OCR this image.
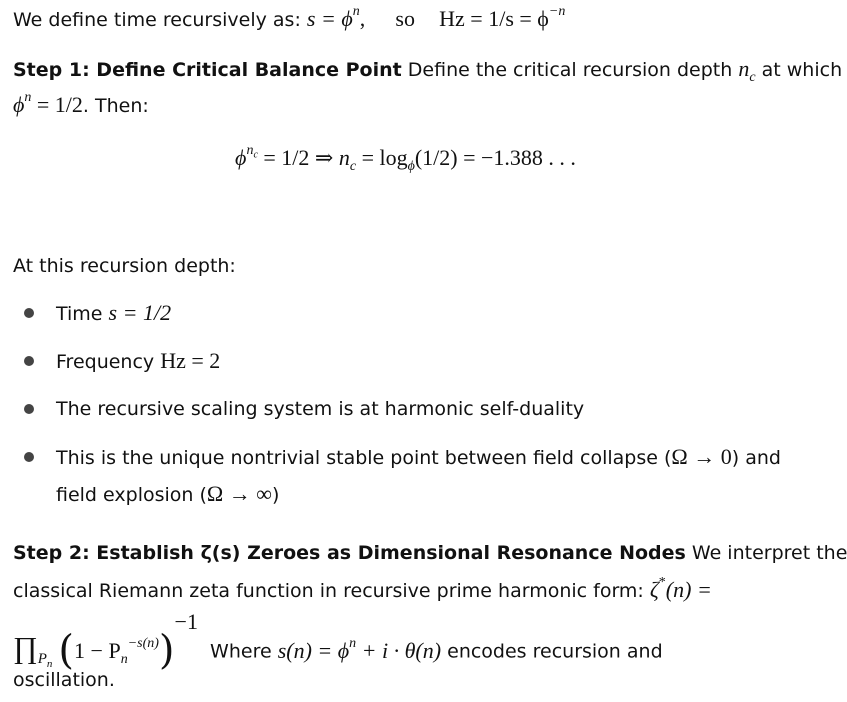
We define time recursively as: $s = \phi^n$, so $Hz = 1/s = \phi^{-n}$
Step 1: Define Critical Balance Point Define the critical recursion depth $n_c$ at which
$\phi^n = 1/2$. Then:
$\phi^{n_c} = 1/2$ ⇒ $n_c = \log_\phi(1/2) = -1.388$ . . .
At this recursion depth:
Time s = 1/2
Frequency Hz = 2
The recursive scaling system is at harmonic self-duality
This is the unique nontrivial stable point between field collapse (Ω → 0) and
field explosion (Ω → ∞)
Step 2: Establish ζ(s) Zeroes as Dimensional Resonance Nodes We interpret the
classical Riemann zeta function in recursive prime harmonic form: ζ*(n) =
$\prod_{P_n}$ $(1 - P_n^{-s(n)})^{-1}$  Where $s(n) = \phi^n + i \cdot \theta(n)$ encodes recursion and
oscillation.
